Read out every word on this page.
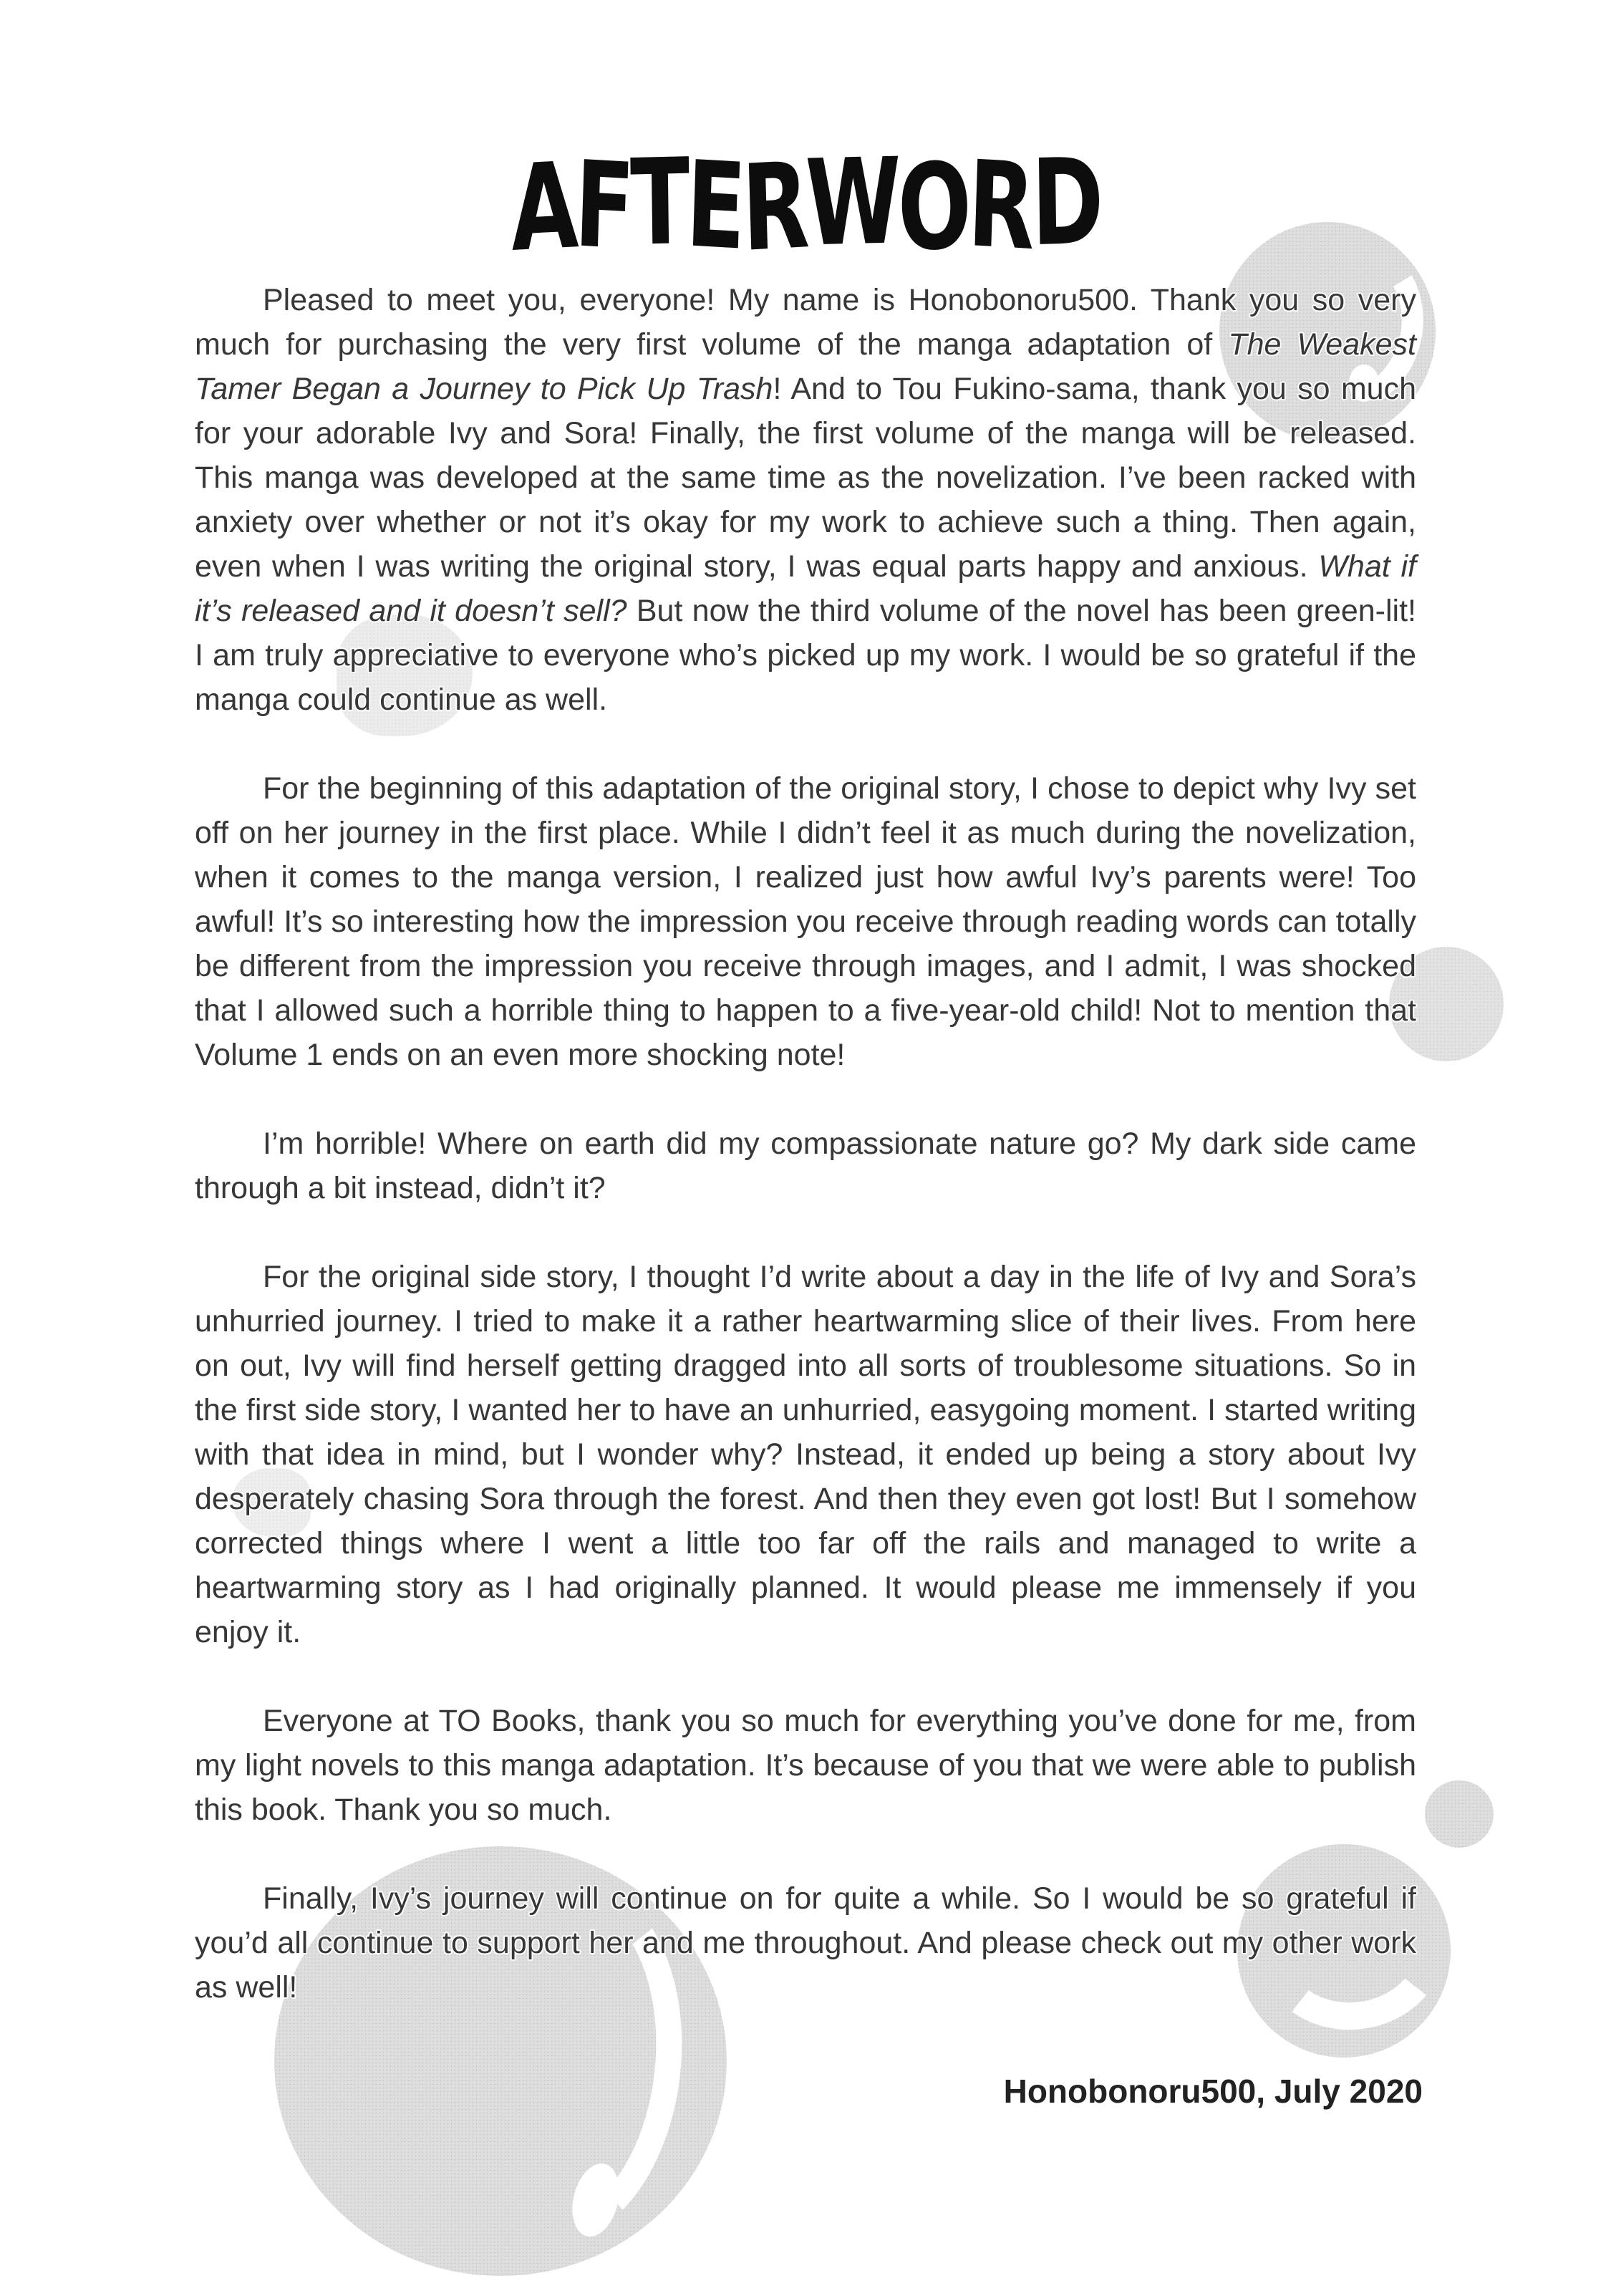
AFTERWORD

Pleased to meet you, everyone! My name is Honobonoru500. Thank you so very much for purchasing the very first volume of the manga adaptation of The Weakest Tamer Began a Journey to Pick Up Trash! And to Tou Fukino-sama, thank you so much for your adorable Ivy and Sora! Finally, the first volume of the manga will be released. This manga was developed at the same time as the novelization. I’ve been racked with anxiety over whether or not it’s okay for my work to achieve such a thing. Then again, even when I was writing the original story, I was equal parts happy and anxious. What if it’s released and it doesn’t sell? But now the third volume of the novel has been green-lit! I am truly appreciative to everyone who’s picked up my work. I would be so grateful if the manga could continue as well.

For the beginning of this adaptation of the original story, I chose to depict why Ivy set off on her journey in the first place. While I didn’t feel it as much during the novelization, when it comes to the manga version, I realized just how awful Ivy’s parents were! Too awful! It’s so interesting how the impression you receive through reading words can totally be different from the impression you receive through images, and I admit, I was shocked that I allowed such a horrible thing to happen to a five-year-old child! Not to mention that Volume 1 ends on an even more shocking note!

I’m horrible! Where on earth did my compassionate nature go? My dark side came through a bit instead, didn’t it?

For the original side story, I thought I’d write about a day in the life of Ivy and Sora’s unhurried journey. I tried to make it a rather heartwarming slice of their lives. From here on out, Ivy will find herself getting dragged into all sorts of troublesome situations. So in the first side story, I wanted her to have an unhurried, easygoing moment. I started writing with that idea in mind, but I wonder why? Instead, it ended up being a story about Ivy desperately chasing Sora through the forest. And then they even got lost! But I somehow corrected things where I went a little too far off the rails and managed to write a heartwarming story as I had originally planned. It would please me immensely if you enjoy it.

Everyone at TO Books, thank you so much for everything you’ve done for me, from my light novels to this manga adaptation. It’s because of you that we were able to publish this book. Thank you so much.

Finally, Ivy’s journey will continue on for quite a while. So I would be so grateful if you’d all continue to support her and me throughout. And please check out my other work as well!

Honobonoru500, July 2020
